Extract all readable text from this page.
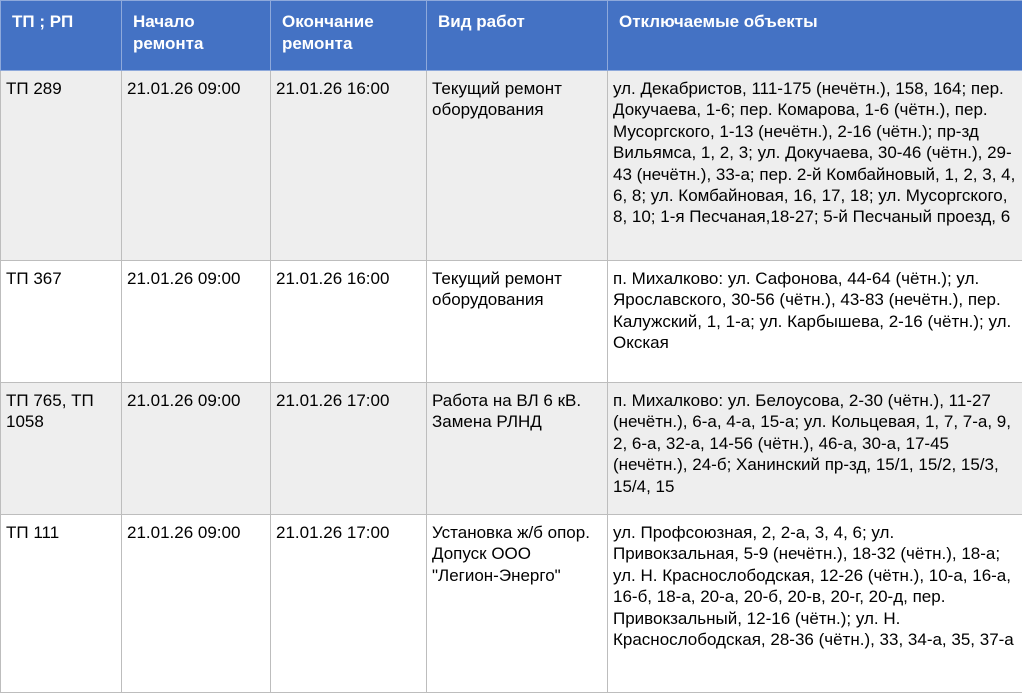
ТП ; РП	Начало ремонта	Окончание ремонта	Вид работ	Отключаемые объекты
ТП 289	21.01.26 09:00	21.01.26 16:00	Текущий ремонт оборудования	ул. Декабристов, 111-175 (нечётн.), 158, 164; пер. Докучаева, 1-6; пер. Комарова, 1-6 (чётн.), пер. Мусоргского, 1-13 (нечётн.), 2-16 (чётн.); пр-зд Вильямса, 1, 2, 3; ул. Докучаева, 30-46 (чётн.), 29-43 (нечётн.), 33-а; пер. 2-й Комбайновый, 1, 2, 3, 4, 6, 8; ул. Комбайновая, 16, 17, 18; ул. Мусоргского, 8, 10; 1-я Песчаная,18-27; 5-й Песчаный проезд, 6
ТП 367	21.01.26 09:00	21.01.26 16:00	Текущий ремонт оборудования	п. Михалково: ул. Сафонова, 44-64 (чётн.); ул. Ярославского, 30-56 (чётн.), 43-83 (нечётн.), пер. Калужский, 1, 1-а; ул. Карбышева, 2-16 (чётн.); ул. Окская
ТП 765, ТП 1058	21.01.26 09:00	21.01.26 17:00	Работа на ВЛ 6 кВ. Замена РЛНД	п. Михалково: ул. Белоусова, 2-30 (чётн.), 11-27 (нечётн.), 6-а, 4-а, 15-а; ул. Кольцевая, 1, 7, 7-а, 9, 2, 6-а, 32-а, 14-56 (чётн.), 46-а, 30-а, 17-45 (нечётн.), 24-б; Ханинский пр-зд, 15/1, 15/2, 15/3, 15/4, 15
ТП 111	21.01.26 09:00	21.01.26 17:00	Установка ж/б опор. Допуск ООО "Легион-Энерго"	ул. Профсоюзная, 2, 2-а, 3, 4, 6; ул. Привокзальная, 5-9 (нечётн.), 18-32 (чётн.), 18-а; ул. Н. Краснослободская, 12-26 (чётн.), 10-а, 16-а, 16-б, 18-а, 20-а, 20-б, 20-в, 20-г, 20-д, пер. Привокзальный, 12-16 (чётн.); ул. Н. Краснослободская, 28-36 (чётн.), 33, 34-а, 35, 37-а
